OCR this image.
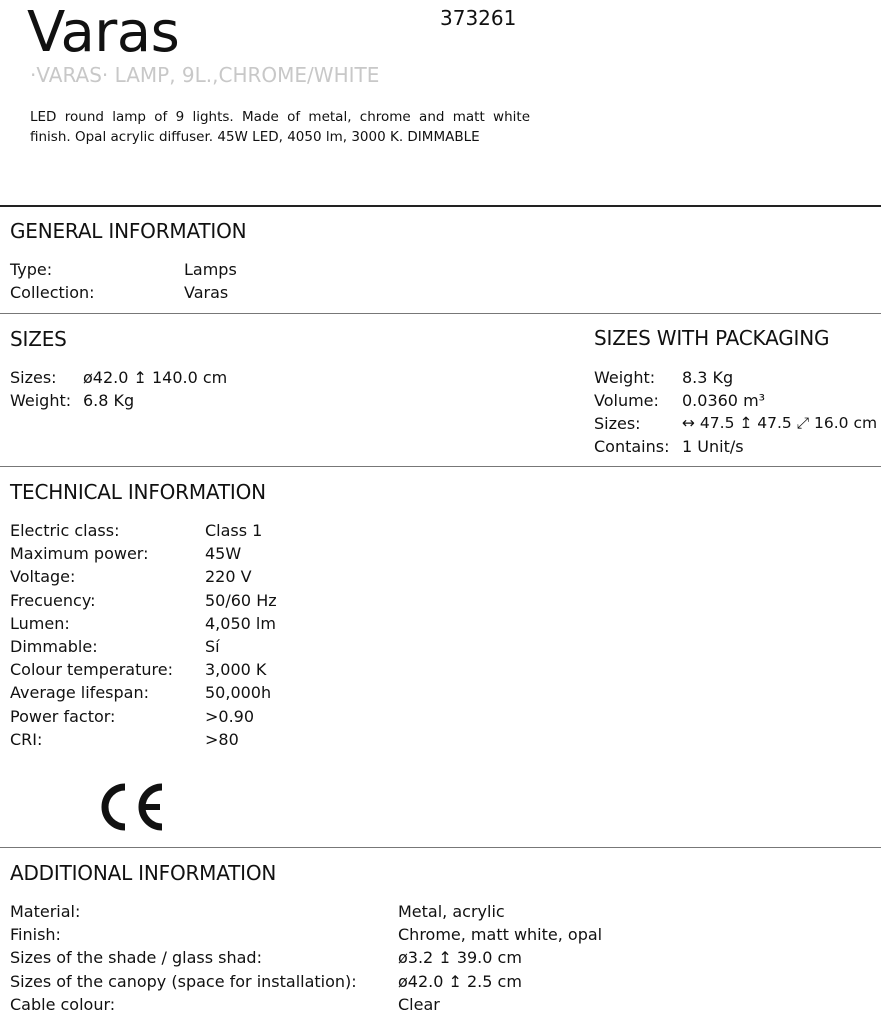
Varas	373261
·VARAS· LAMP, 9L.,CHROME/WHITE
LED round lamp of 9 lights. Made of metal, chrome and matt white
finish. Opal acrylic diffuser. 45W LED, 4050 lm, 3000 K. DIMMABLE
GENERAL INFORMATION
Type:	Lamps
Collection:	Varas
SIZES
Sizes: ø42.0 ↥ 140.0 cm
Weight: 6.8 Kg
SIZES WITH PACKAGING
Weight: 8.3 Kg
Volume: 0.0360 m³
Sizes:	↔ 47.5 ↥ 47.5 ⤢ 16.0 cm
Contains: 1 Unit/s
TECHNICAL INFORMATION
Electric class:	Class 1
Maximum power:	45W
Voltage:	220 V
Frecuency:	50/60 Hz
Lumen:	4,050 lm
Dimmable:	Sí
Colour temperature: 3,000 K
Average lifespan:	50,000h
Power factor:	>0.90
CRI:	>80
ADDITIONAL INFORMATION
Material:	Metal, acrylic
Finish:	Chrome, matt white, opal
Sizes of the shade / glass shad:	ø3.2 ↥ 39.0 cm
Sizes of the canopy (space for installation):	ø42.0 ↥ 2.5 cm
Cable colour:	Clear
